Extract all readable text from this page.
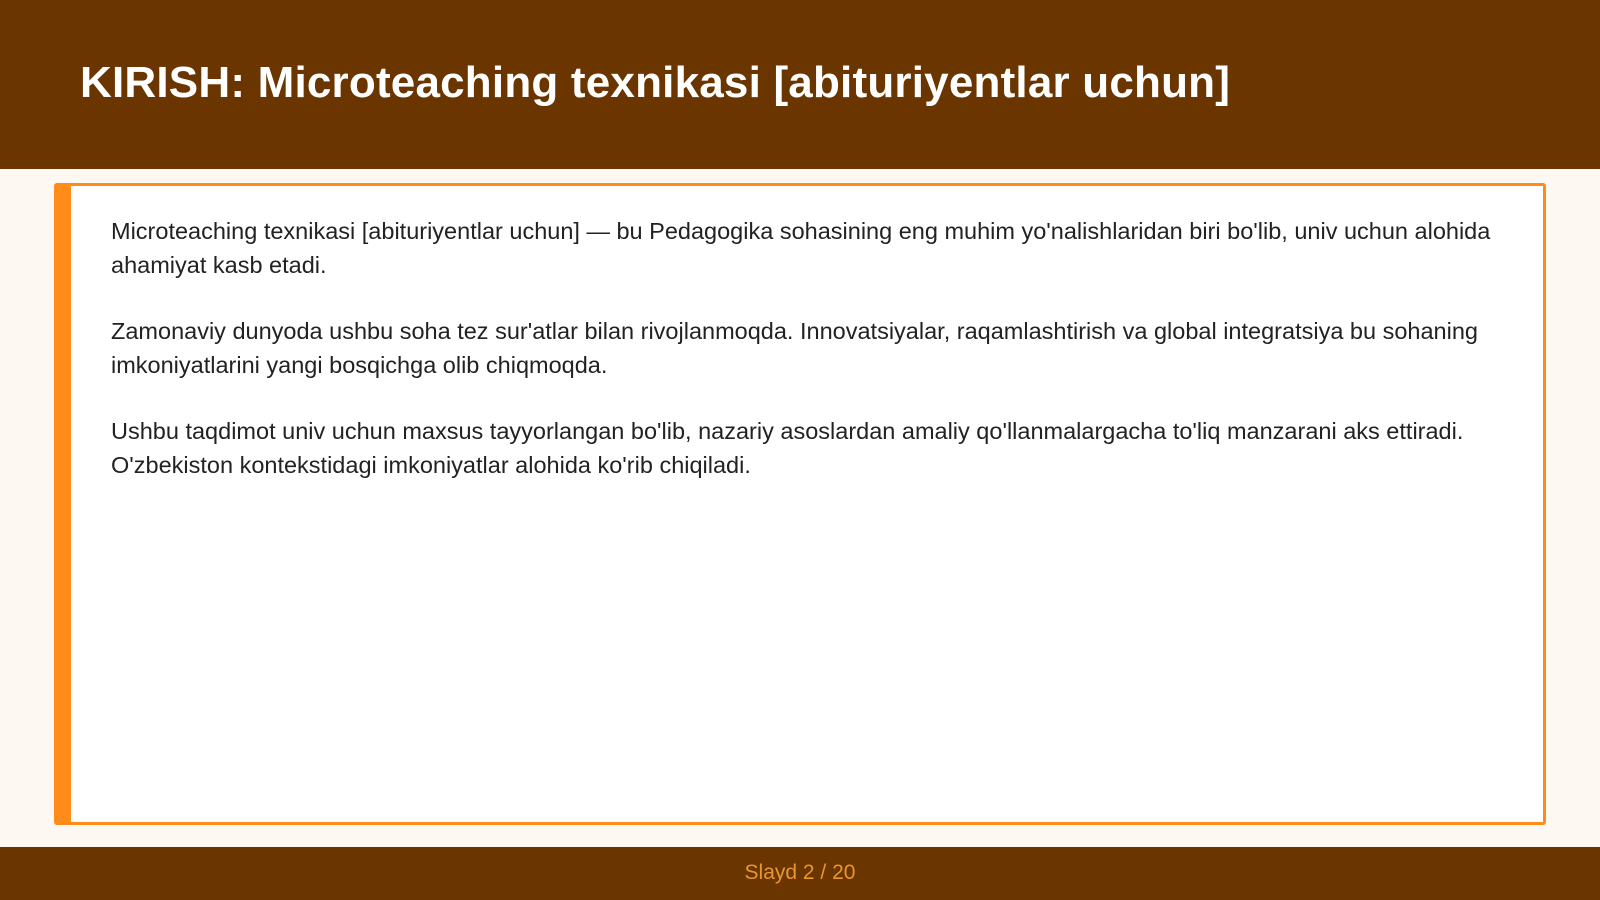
KIRISH: Microteaching texnikasi [abituriyentlar uchun]

Microteaching texnikasi [abituriyentlar uchun] — bu Pedagogika sohasining eng muhim yo'nalishlaridan biri bo'lib, univ uchun alohida ahamiyat kasb etadi.

Zamonaviy dunyoda ushbu soha tez sur'atlar bilan rivojlanmoqda. Innovatsiyalar, raqamlashtirish va global integratsiya bu sohaning imkoniyatlarini yangi bosqichga olib chiqmoqda.

Ushbu taqdimot univ uchun maxsus tayyorlangan bo'lib, nazariy asoslardan amaliy qo'llanmalargacha to'liq manzarani aks ettiradi. O'zbekiston kontekstidagi imkoniyatlar alohida ko'rib chiqiladi.

Slayd 2 / 20
